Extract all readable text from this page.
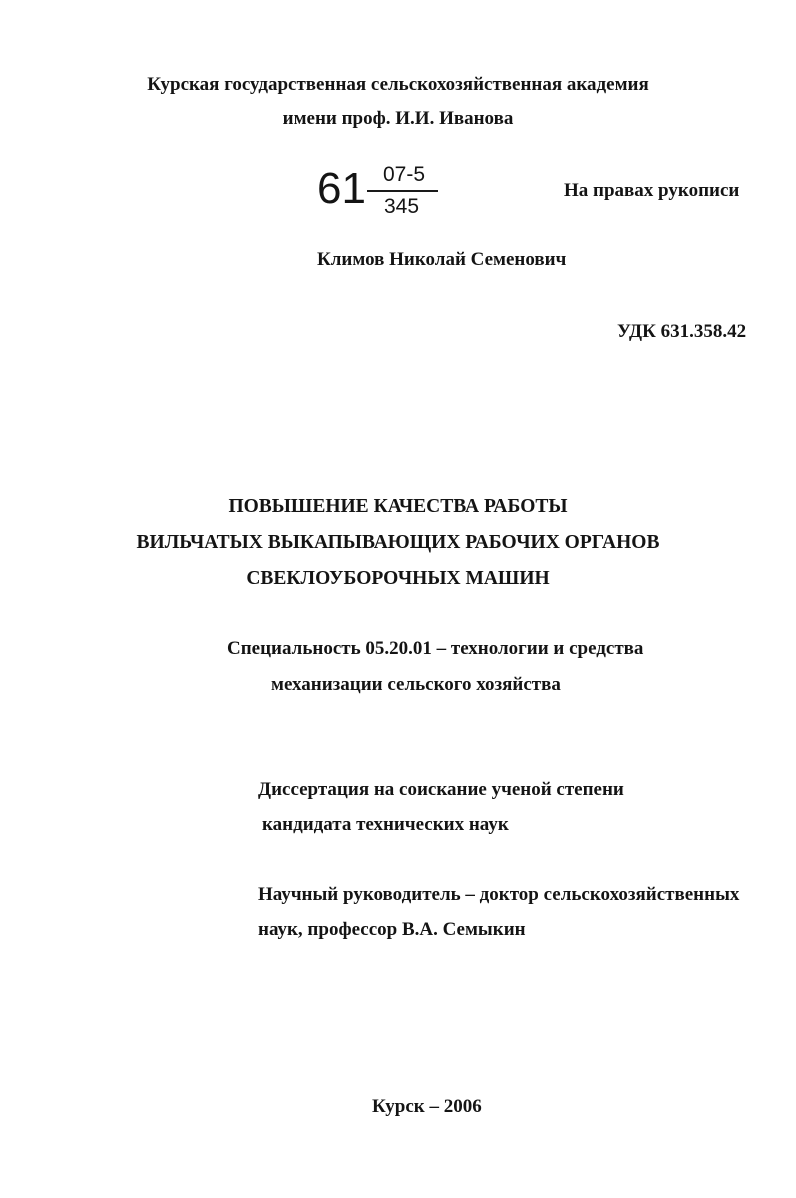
Курская государственная сельскохозяйственная академия
имени проф. И.И. Иванова
61 07-5
345
На правах рукописи
Климов Николай Семенович
УДК 631.358.42
ПОВЫШЕНИЕ КАЧЕСТВА РАБОТЫ
ВИЛЬЧАТЫХ ВЫКАПЫВАЮЩИХ РАБОЧИХ ОРГАНОВ
СВЕКЛОУБОРОЧНЫХ МАШИН
Специальность 05.20.01 – технологии и средства
механизации сельского хозяйства
Диссертация на соискание ученой степени
кандидата технических наук
Научный руководитель – доктор сельскохозяйственных
наук, профессор В.А. Семыкин
Курск – 2006
